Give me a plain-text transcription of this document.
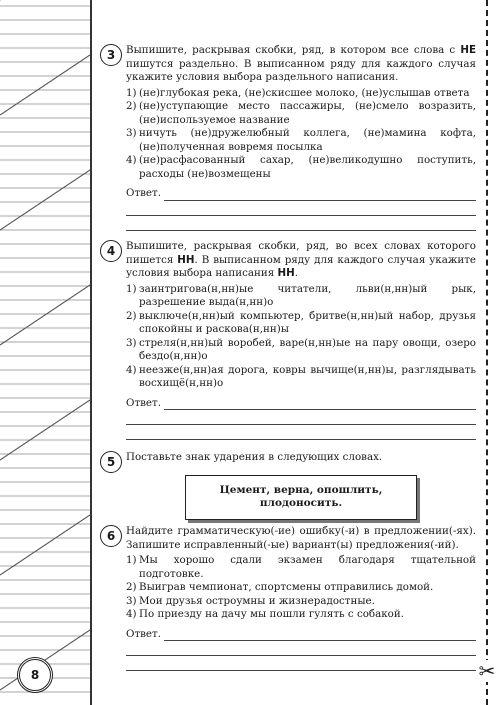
✂
3	Выпишите, раскрывая скобки, ряд, в котором все слова с НЕ пишутся раздельно. В выписанном ряду для каждого случая укажите условия выбора раздельного написания.

1) (не)глубокая река, (не)скисшее молоко, (не)услышав ответа
2) (не)уступающие место пассажиры, (не)смело возразить, (не)используемое название
3) ничуть (не)дружелюбный коллега, (не)мамина кофта, (не)полученная вовремя посылка
4) (не)расфасованный сахар, (не)великодушно поступить, расходы (не)возмещены
Ответ.
4	Выпишите, раскрывая скобки, ряд, во всех словах которого пишется НН. В выписанном ряду для каждого случая укажите условия выбора написания НН.

1) заинтригова(н,нн)ые читатели, льви(н,нн)ый рык, разрешение выда(н,нн)о
2) выключе(н,нн)ый компьютер, бритве(н,нн)ый набор, друзья спокойны и раскова(н,нн)ы
3) стреля(н,нн)ый воробей, варе(н,нн)ые на пару овощи, озеро бездо(н,нн)о
4) неезже(н,нн)ая дорога, ковры вычище(н,нн)ы, разглядывать восхищё(н,нн)о
Ответ.
5	Поставьте знак ударения в следующих словах.

Цемент, верна, опошлить, плодоносить.
6	Найдите грамматическую(-ие) ошибку(-и) в предложении(-ях). Запишите исправленный(-ые) вариант(ы) предложения(-ий).

1) Мы хорошо сдали экзамен благодаря тщательной подготовке.
2) Выиграв чемпионат, спортсмены отправились домой.
3) Мои друзья остроумны и жизнерадостные.
4) По приезду на дачу мы пошли гулять с собакой.
Ответ.
8
